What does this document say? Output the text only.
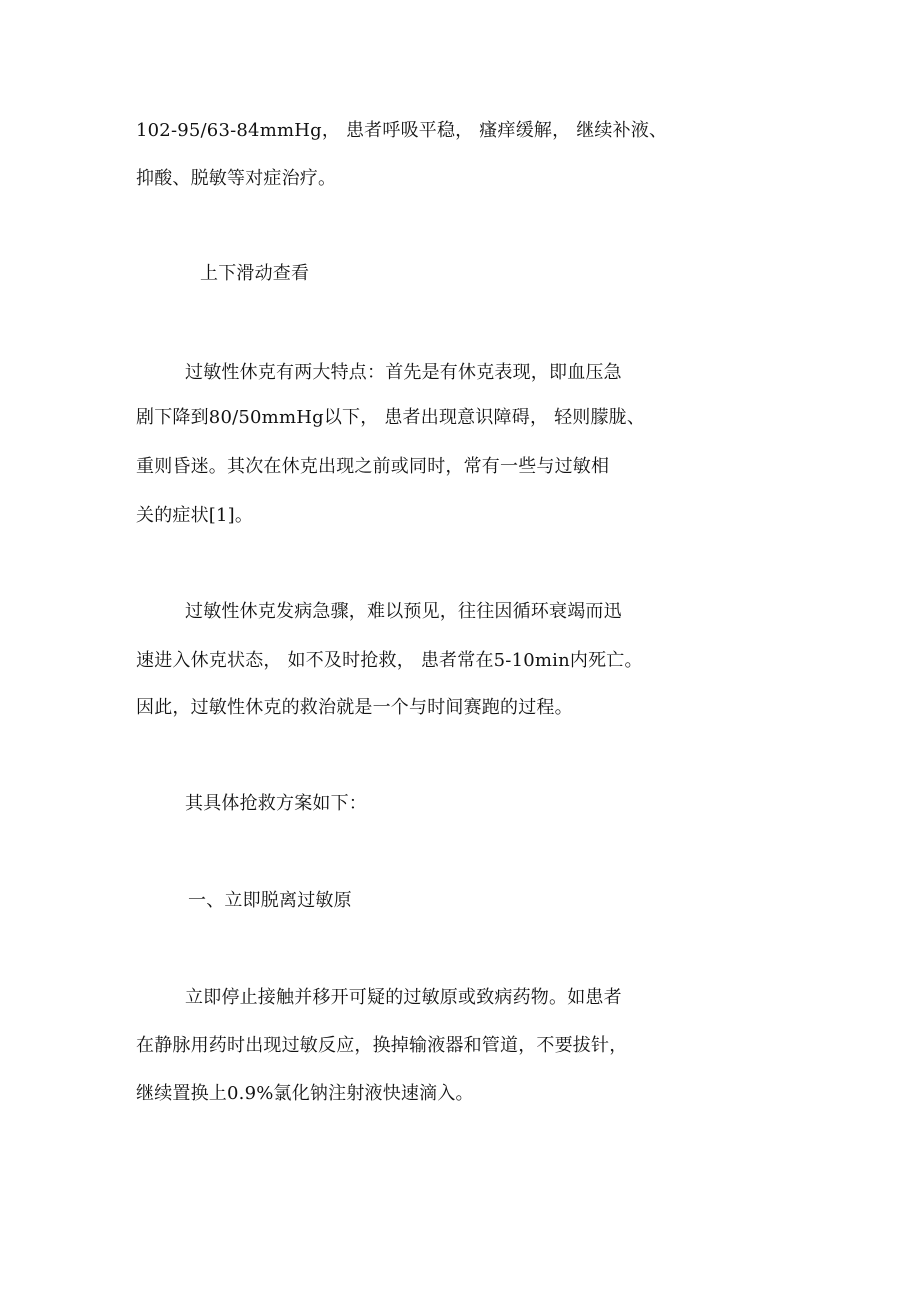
102-95/63-84mmHg， 患者呼吸平稳， 瘙痒缓解， 继续补液、
抑酸、脱敏等对症治疗。
上下滑动查看
过敏性休克有两大特点：首先是有休克表现，即血压急
剧下降到80/50mmHg以下， 患者出现意识障碍， 轻则朦胧、
重则昏迷。其次在休克出现之前或同时，常有一些与过敏相
关的症状[1]。
过敏性休克发病急骤，难以预见，往往因循环衰竭而迅
速进入休克状态， 如不及时抢救， 患者常在5-10min内死亡。
因此，过敏性休克的救治就是一个与时间赛跑的过程。
其具体抢救方案如下：
一、立即脱离过敏原
立即停止接触并移开可疑的过敏原或致病药物。如患者
在静脉用药时出现过敏反应，换掉输液器和管道，不要拔针，
继续置换上0.9%氯化钠注射液快速滴入。
